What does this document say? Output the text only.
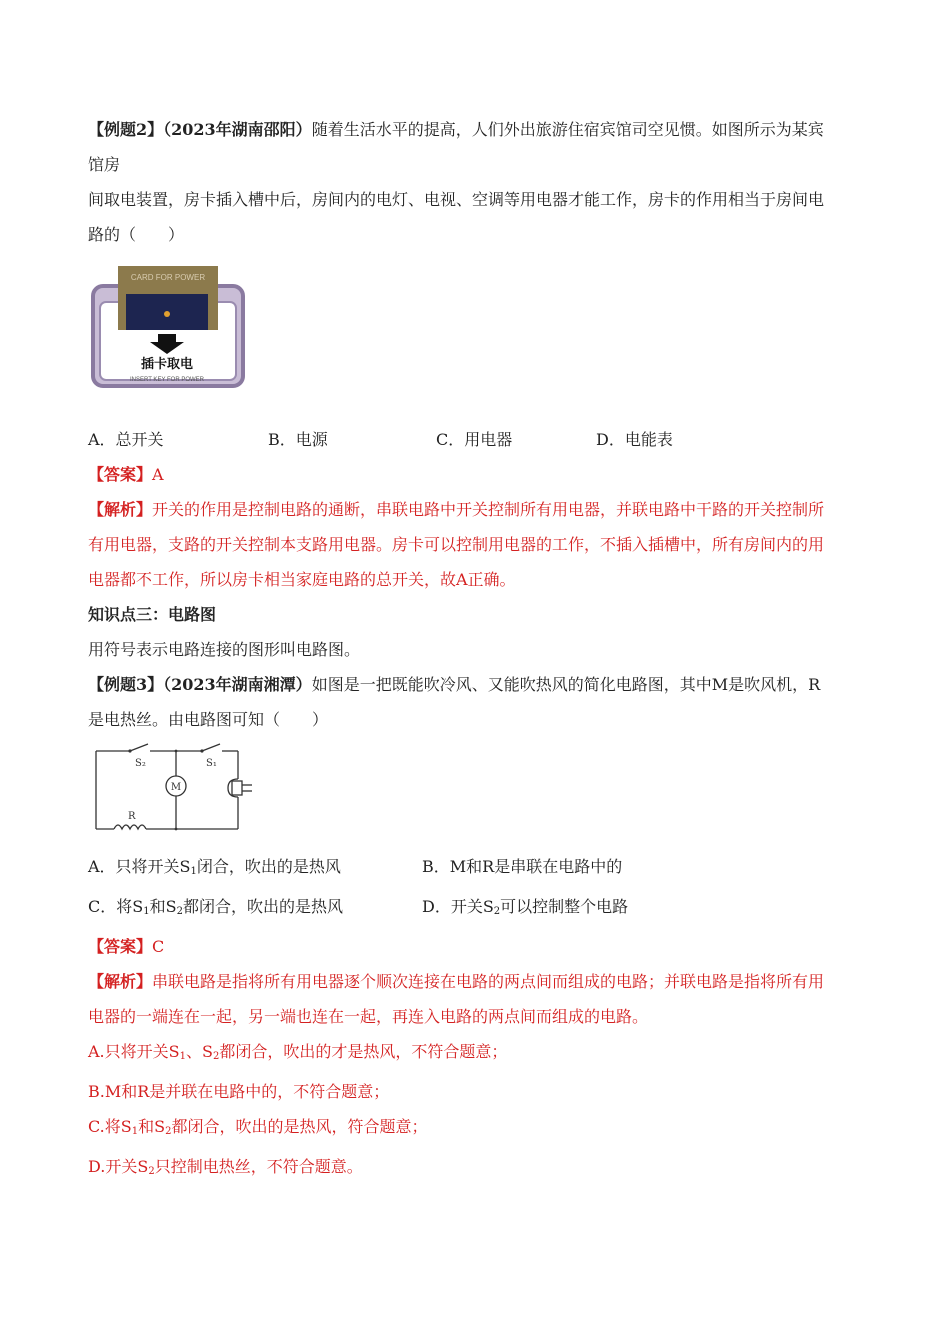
【例题2】（2023年湖南邵阳）随着生活水平的提高，人们外出旅游住宿宾馆司空见惯。如图所示为某宾
馆房
间取电装置，房卡插入槽中后，房间内的电灯、电视、空调等用电器才能工作，房卡的作用相当于房间电
路的（　　）
CARD FOR POWER
插卡取电
INSERT KEY FOR POWER
A．总开关	B．电源	C．用电器	D．电能表
【答案】A
【解析】开关的作用是控制电路的通断，串联电路中开关控制所有用电器，并联电路中干路的开关控制所
有用电器，支路的开关控制本支路用电器。房卡可以控制用电器的工作，不插入插槽中，所有房间内的用
电器都不工作，所以房卡相当家庭电路的总开关，故A正确。
知识点三：电路图
用符号表示电路连接的图形叫电路图。
【例题3】（2023年湖南湘潭）如图是一把既能吹冷风、又能吹热风的简化电路图，其中M是吹风机，R
是电热丝。由电路图可知（　　）
S₂	S₁
M
R
A．只将开关S1闭合，吹出的是热风	B．M和R是串联在电路中的
C．将S1和S2都闭合，吹出的是热风	D．开关S2可以控制整个电路
【答案】C
【解析】串联电路是指将所有用电器逐个顺次连接在电路的两点间而组成的电路；并联电路是指将所有用
电器的一端连在一起，另一端也连在一起，再连入电路的两点间而组成的电路。
A.只将开关$S_1$、$S_2$都闭合，吹出的才是热风，不符合题意；
B.M和R是并联在电路中的，不符合题意；
C.将$S_1$和$S_2$都闭合，吹出的是热风，符合题意；
D.开关$S_2$只控制电热丝，不符合题意。
